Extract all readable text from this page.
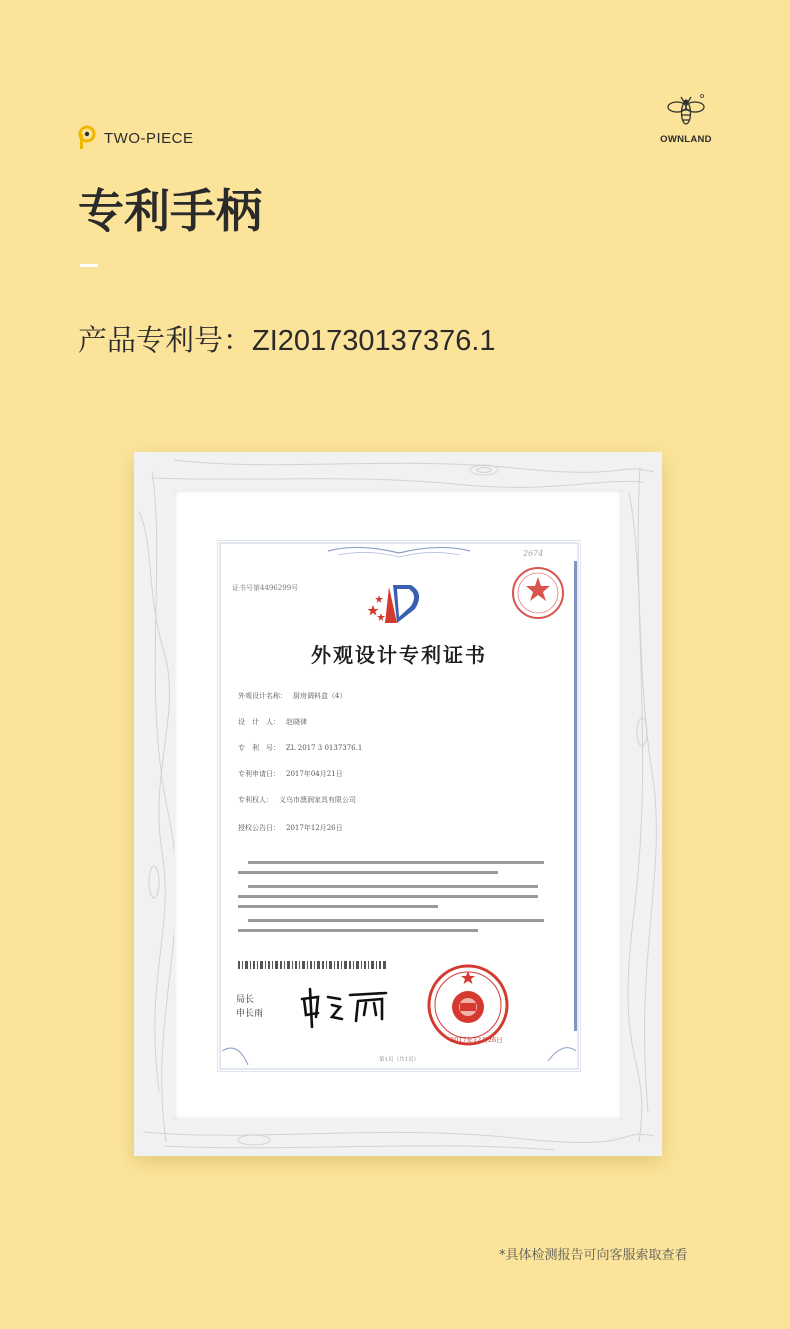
TWO-PIECE	OWNLAND
专利手柄
产品专利号：ZI201730137376.1
2674
证书号第4496299号
外观设计专利证书
外观设计名称： 厨房调料盒（4）
设　计　人： 赵晓律
专　利　号： ZL 2017 3 0137376.1
专利申请日： 2017年04月21日
专利权人： 义乌市澳润家具有限公司
授权公告日： 2017年12月26日
局长
申长雨
2017年12月26日
第1页（共1页）
*具体检测报告可向客服索取查看
